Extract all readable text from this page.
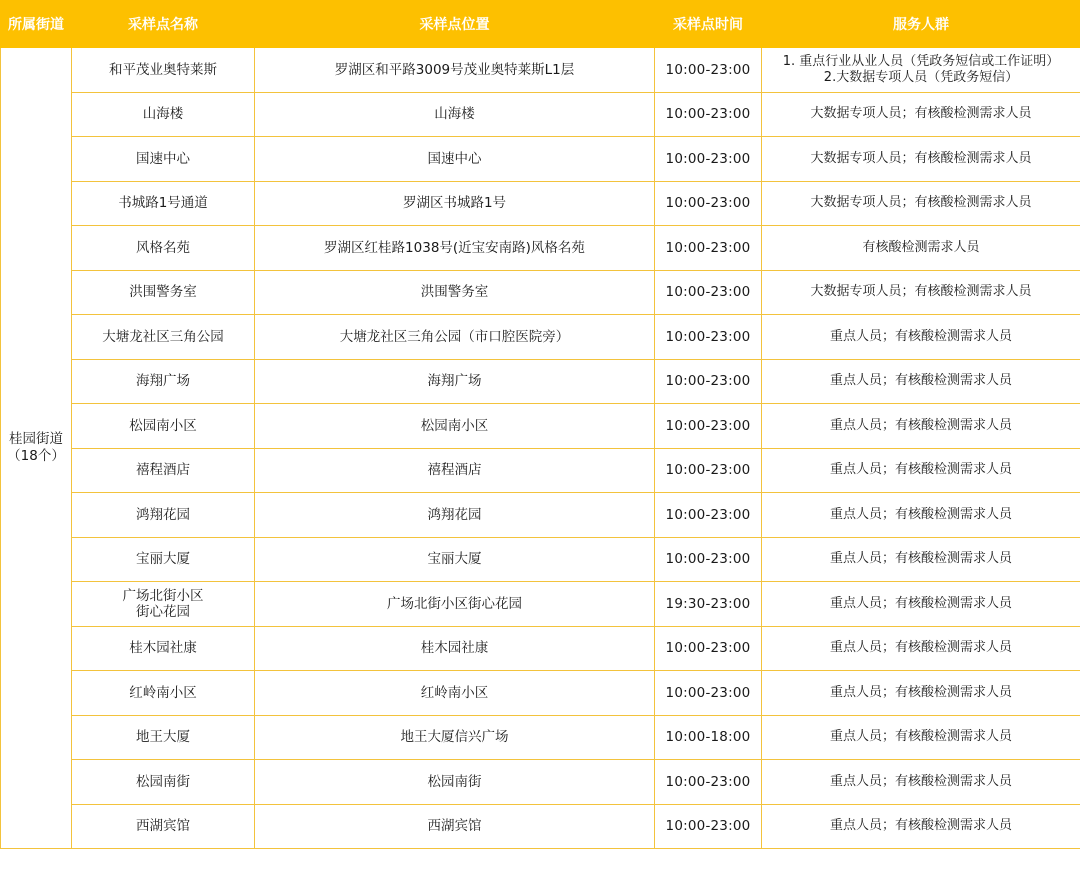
所属街道	采样点名称	采样点位置	采样点时间	服务人群
桂园街道
（18个）	和平茂业奥特莱斯	罗湖区和平路3009号茂业奥特莱斯L1层	10:00-23:00	1. 重点行业从业人员（凭政务短信或工作证明）
2.大数据专项人员（凭政务短信）
	山海楼	山海楼	10:00-23:00	大数据专项人员；有核酸检测需求人员
	国速中心	国速中心	10:00-23:00	大数据专项人员；有核酸检测需求人员
	书城路1号通道	罗湖区书城路1号	10:00-23:00	大数据专项人员；有核酸检测需求人员
	风格名苑	罗湖区红桂路1038号(近宝安南路)风格名苑	10:00-23:00	有核酸检测需求人员
	洪围警务室	洪围警务室	10:00-23:00	大数据专项人员；有核酸检测需求人员
	大塘龙社区三角公园	大塘龙社区三角公园（市口腔医院旁）	10:00-23:00	重点人员；有核酸检测需求人员
	海翔广场	海翔广场	10:00-23:00	重点人员；有核酸检测需求人员
	松园南小区	松园南小区	10:00-23:00	重点人员；有核酸检测需求人员
	禧程酒店	禧程酒店	10:00-23:00	重点人员；有核酸检测需求人员
	鸿翔花园	鸿翔花园	10:00-23:00	重点人员；有核酸检测需求人员
	宝丽大厦	宝丽大厦	10:00-23:00	重点人员；有核酸检测需求人员
	广场北街小区
街心花园	广场北街小区街心花园	19:30-23:00	重点人员；有核酸检测需求人员
	桂木园社康	桂木园社康	10:00-23:00	重点人员；有核酸检测需求人员
	红岭南小区	红岭南小区	10:00-23:00	重点人员；有核酸检测需求人员
	地王大厦	地王大厦信兴广场	10:00-18:00	重点人员；有核酸检测需求人员
	松园南街	松园南街	10:00-23:00	重点人员；有核酸检测需求人员
	西湖宾馆	西湖宾馆	10:00-23:00	重点人员；有核酸检测需求人员
